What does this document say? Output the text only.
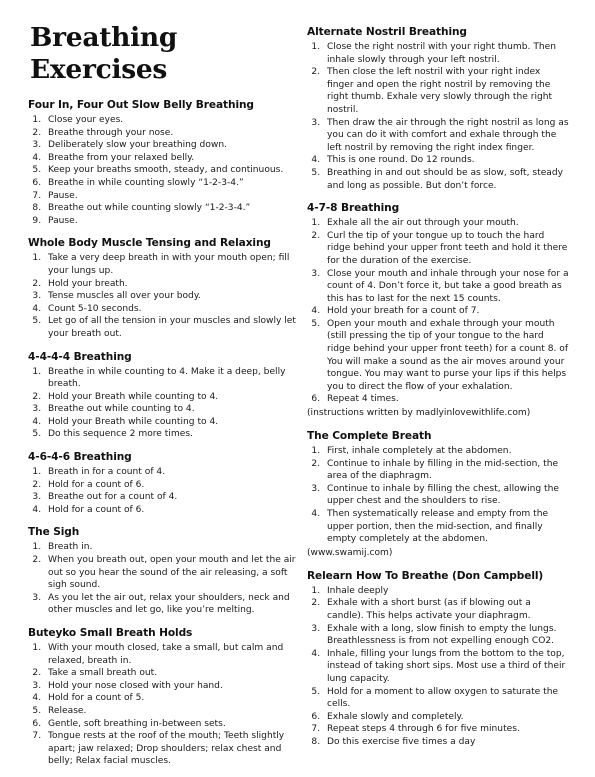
Breathing Exercises
Four In, Four Out Slow Belly Breathing
1. Close your eyes.
2. Breathe through your nose.
3. Deliberately slow your breathing down.
4. Breathe from your relaxed belly.
5. Keep your breaths smooth, steady, and continuous.
6. Breathe in while counting slowly “1-2-3-4.”
7. Pause.
8. Breathe out while counting slowly “1-2-3-4.”
9. Pause.
Whole Body Muscle Tensing and Relaxing
1. Take a very deep breath in with your mouth open; fill your lungs up.
2. Hold your breath.
3. Tense muscles all over your body.
4. Count 5-10 seconds.
5. Let go of all the tension in your muscles and slowly let your breath out.
4-4-4-4 Breathing
1. Breathe in while counting to 4. Make it a deep, belly breath.
2. Hold your Breath while counting to 4.
3. Breathe out while counting to 4.
4. Hold your Breath while counting to 4.
5. Do this sequence 2 more times.
4-6-4-6 Breathing
1. Breath in for a count of 4.
2. Hold for a count of 6.
3. Breathe out for a count of 4.
4. Hold for a count of 6.
The Sigh
1. Breath in.
2. When you breath out, open your mouth and let the air out so you hear the sound of the air releasing, a soft sigh sound.
3. As you let the air out, relax your shoulders, neck and other muscles and let go, like you’re melting.
Buteyko Small Breath Holds
1. With your mouth closed, take a small, but calm and relaxed, breath in.
2. Take a small breath out.
3. Hold your nose closed with your hand.
4. Hold for a count of 5.
5. Release.
6. Gentle, soft breathing in-between sets.
7. Tongue rests at the roof of the mouth; Teeth slightly apart; jaw relaxed; Drop shoulders; relax chest and belly; Relax facial muscles.
Alternate Nostril Breathing
1. Close the right nostril with your right thumb. Then inhale slowly through your left nostril.
2. Then close the left nostril with your right index finger and open the right nostril by removing the right thumb. Exhale very slowly through the right nostril.
3. Then draw the air through the right nostril as long as you can do it with comfort and exhale through the left nostril by removing the right index finger.
4. This is one round. Do 12 rounds.
5. Breathing in and out should be as slow, soft, steady and long as possible. But don’t force.
4-7-8 Breathing
1. Exhale all the air out through your mouth.
2. Curl the tip of your tongue up to touch the hard ridge behind your upper front teeth and hold it there for the duration of the exercise.
3. Close your mouth and inhale through your nose for a count of 4. Don’t force it, but take a good breath as this has to last for the next 15 counts.
4. Hold your breath for a count of 7.
5. Open your mouth and exhale through your mouth (still pressing the tip of your tongue to the hard ridge behind your upper front teeth) for a count 8. of You will make a sound as the air moves around your tongue. You may want to purse your lips if this helps you to direct the flow of your exhalation.
6. Repeat 4 times.
(instructions written by madlyinlovewithlife.com)
The Complete Breath
1. First, inhale completely at the abdomen.
2. Continue to inhale by filling in the mid-section, the area of the diaphragm.
3. Continue to inhale by filling the chest, allowing the upper chest and the shoulders to rise.
4. Then systematically release and empty from the upper portion, then the mid-section, and finally empty completely at the abdomen.
(www.swamij.com)
Relearn How To Breathe (Don Campbell)
1. Inhale deeply
2. Exhale with a short burst (as if blowing out a candle). This helps activate your diaphragm.
3. Exhale with a long, slow finish to empty the lungs. Breathlessness is from not expelling enough CO2.
4. Inhale, filling your lungs from the bottom to the top, instead of taking short sips. Most use a third of their lung capacity.
5. Hold for a moment to allow oxygen to saturate the cells.
6. Exhale slowly and completely.
7. Repeat steps 4 through 6 for five minutes.
8. Do this exercise five times a day
